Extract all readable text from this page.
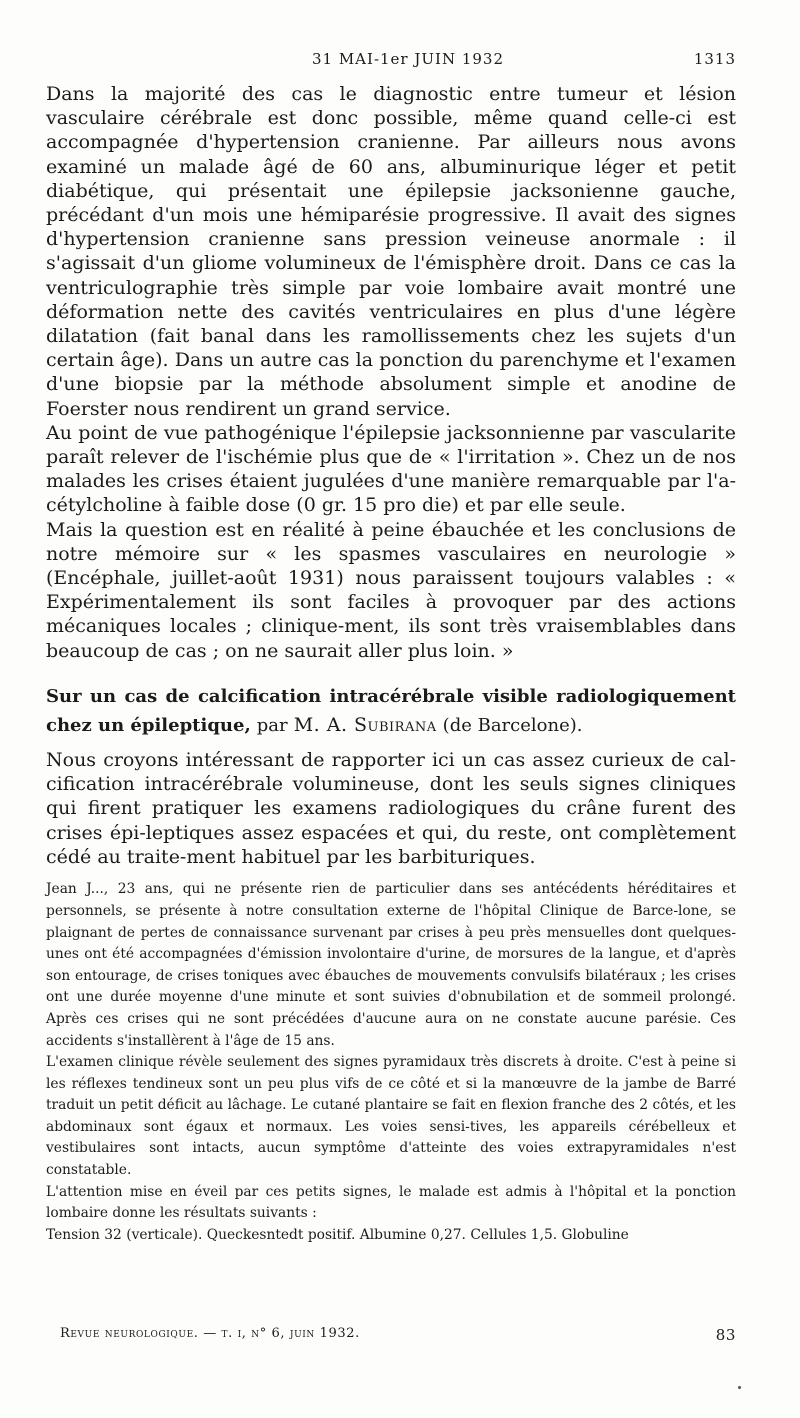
31 MAI-1er JUIN 1932	1313

Dans la majorité des cas le diagnostic entre tumeur et lésion vasculaire cérébrale est donc possible, même quand celle-ci est accompagnée d'hypertension cranienne. Par ailleurs nous avons examiné un malade âgé de 60 ans, albuminurique léger et petit diabétique, qui présentait une épilepsie jacksonienne gauche, précédant d'un mois une hémiparésie progressive. Il avait des signes d'hypertension cranienne sans pression veineuse anormale : il s'agissait d'un gliome volumineux de l'émisphère droit. Dans ce cas la ventriculographie très simple par voie lombaire avait montré une déformation nette des cavités ventriculaires en plus d'une légère dilatation (fait banal dans les ramollissements chez les sujets d'un certain âge). Dans un autre cas la ponction du parenchyme et l'examen d'une biopsie par la méthode absolument simple et anodine de Foerster nous rendirent un grand service.

Au point de vue pathogénique l'épilepsie jacksonnienne par vascularite paraît relever de l'ischémie plus que de « l'irritation ». Chez un de nos malades les crises étaient jugulées d'une manière remarquable par l'a-cétylcholine à faible dose (0 gr. 15 pro die) et par elle seule.

Mais la question est en réalité à peine ébauchée et les conclusions de notre mémoire sur « les spasmes vasculaires en neurologie » (Encéphale, juillet-août 1931) nous paraissent toujours valables : « Expérimentalement ils sont faciles à provoquer par des actions mécaniques locales ; clinique-ment, ils sont très vraisemblables dans beaucoup de cas ; on ne saurait aller plus loin. »

Sur un cas de calcification intracérébrale visible radiologiquement chez un épileptique, par M. A. Subirana (de Barcelone).

Nous croyons intéressant de rapporter ici un cas assez curieux de cal-cification intracérébrale volumineuse, dont les seuls signes cliniques qui firent pratiquer les examens radiologiques du crâne furent des crises épi-leptiques assez espacées et qui, du reste, ont complètement cédé au traite-ment habituel par les barbituriques.

Jean J..., 23 ans, qui ne présente rien de particulier dans ses antécédents héréditaires et personnels, se présente à notre consultation externe de l'hôpital Clinique de Barce-lone, se plaignant de pertes de connaissance survenant par crises à peu près mensuelles dont quelques-unes ont été accompagnées d'émission involontaire d'urine, de morsures de la langue, et d'après son entourage, de crises toniques avec ébauches de mouvements convulsifs bilatéraux ; les crises ont une durée moyenne d'une minute et sont suivies d'obnubilation et de sommeil prolongé. Après ces crises qui ne sont précédées d'aucune aura on ne constate aucune parésie. Ces accidents s'installèrent à l'âge de 15 ans.

L'examen clinique révèle seulement des signes pyramidaux très discrets à droite. C'est à peine si les réflexes tendineux sont un peu plus vifs de ce côté et si la manœuvre de la jambe de Barré traduit un petit déficit au lâchage. Le cutané plantaire se fait en flexion franche des 2 côtés, et les abdominaux sont égaux et normaux. Les voies sensi-tives, les appareils cérébelleux et vestibulaires sont intacts, aucun symptôme d'atteinte des voies extrapyramidales n'est constatable.

L'attention mise en éveil par ces petits signes, le malade est admis à l'hôpital et la ponction lombaire donne les résultats suivants :

Tension 32 (verticale). Queckesntedt positif. Albumine 0,27. Cellules 1,5. Globuline

Revue neurologique. — t. i, n° 6, juin 1932.	83
